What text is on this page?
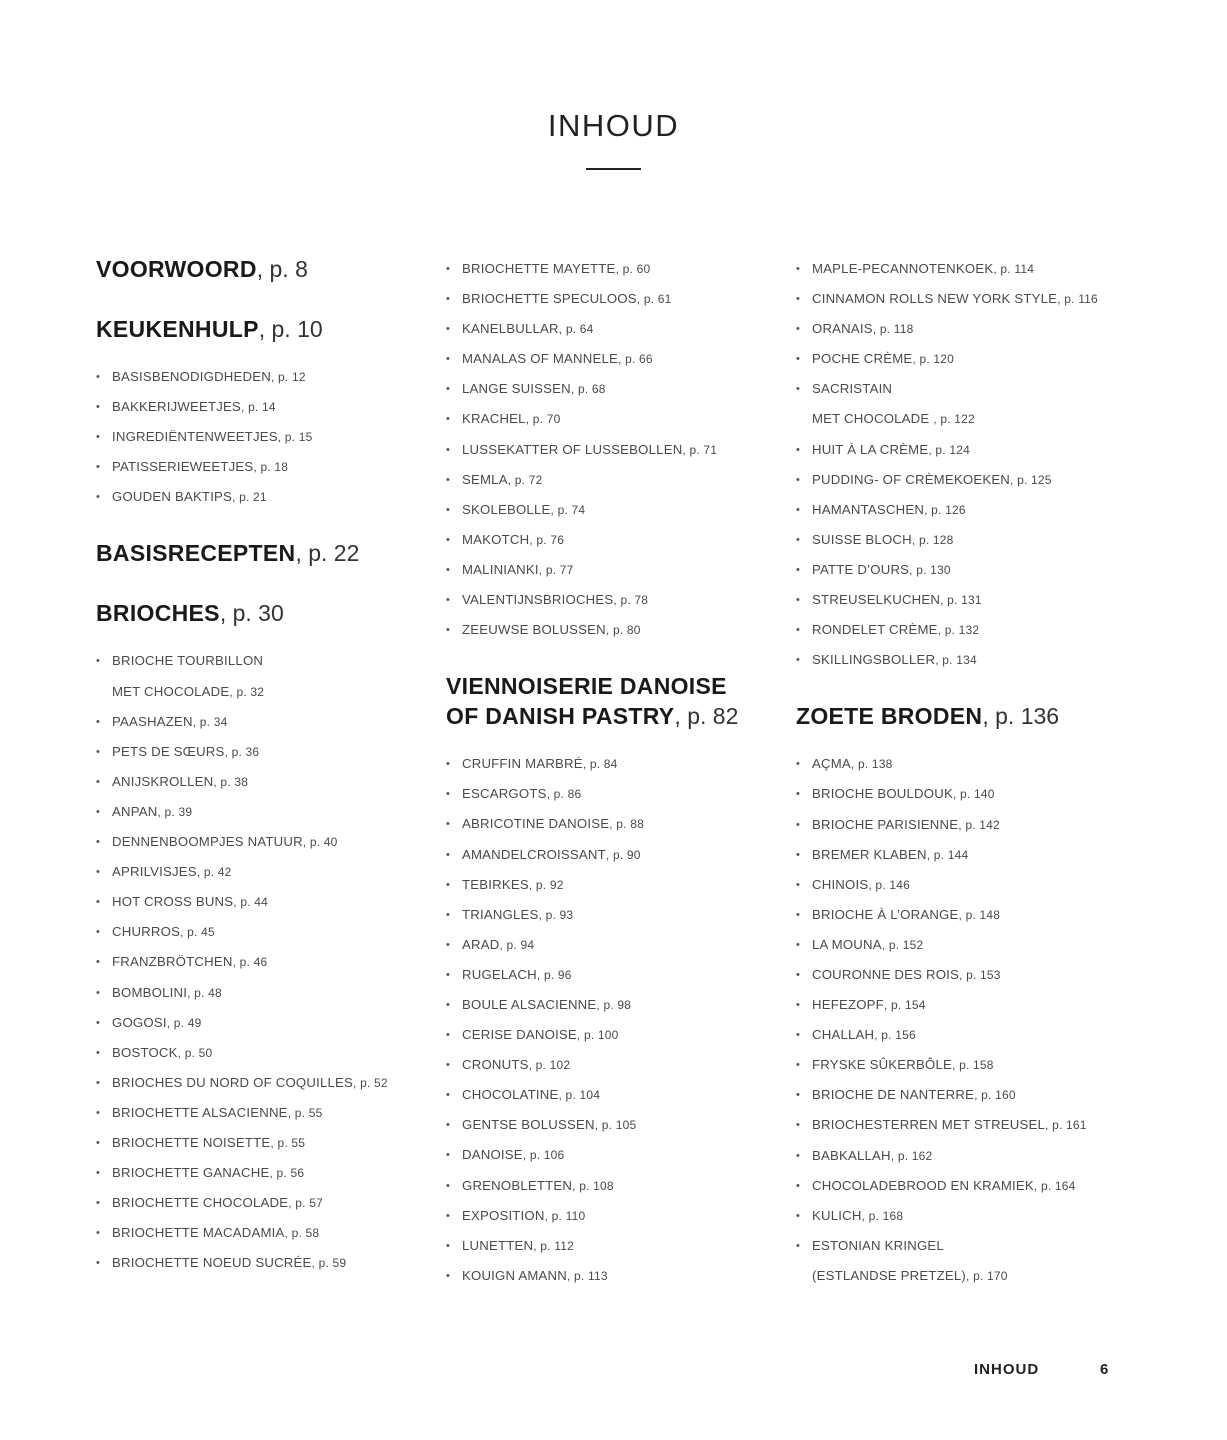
INHOUD
VOORWOORD, p. 8
KEUKENHULP, p. 10
• BASISBENODIGDHEDEN, p. 12
• BAKKERIJWEETJES, p. 14
• INGREDIËNTENWEETJES, p. 15
• PATISSERIEWEETJES, p. 18
• GOUDEN BAKTIPS, p. 21
BASISRECEPTEN, p. 22
BRIOCHES, p. 30
• BRIOCHE TOURBILLON
MET CHOCOLADE, p. 32
• PAASHAZEN, p. 34
• PETS DE SŒURS, p. 36
• ANIJSKROLLEN, p. 38
• ANPAN, p. 39
• DENNENBOOMPJES NATUUR, p. 40
• APRILVISJES, p. 42
• HOT CROSS BUNS, p. 44
• CHURROS, p. 45
• FRANZBRÖTCHEN, p. 46
• BOMBOLINI, p. 48
• GOGOSI, p. 49
• BOSTOCK, p. 50
• BRIOCHES DU NORD OF COQUILLES, p. 52
• BRIOCHETTE ALSACIENNE, p. 55
• BRIOCHETTE NOISETTE, p. 55
• BRIOCHETTE GANACHE, p. 56
• BRIOCHETTE CHOCOLADE, p. 57
• BRIOCHETTE MACADAMIA, p. 58
• BRIOCHETTE NOEUD SUCRÉE, p. 59
• BRIOCHETTE MAYETTE, p. 60
• BRIOCHETTE SPECULOOS, p. 61
• KANELBULLAR, p. 64
• MANALAS OF MANNELE, p. 66
• LANGE SUISSEN, p. 68
• KRACHEL, p. 70
• LUSSEKATTER OF LUSSEBOLLEN, p. 71
• SEMLA, p. 72
• SKOLEBOLLE, p. 74
• MAKOTCH, p. 76
• MALINIANKI, p. 77
• VALENTIJNSBRIOCHES, p. 78
• ZEEUWSE BOLUSSEN, p. 80
VIENNOISERIE DANOISE
OF DANISH PASTRY, p. 82
• CRUFFIN MARBRÉ, p. 84
• ESCARGOTS, p. 86
• ABRICOTINE DANOISE, p. 88
• AMANDELCROISSANT, p. 90
• TEBIRKES, p. 92
• TRIANGLES, p. 93
• ARAD, p. 94
• RUGELACH, p. 96
• BOULE ALSACIENNE, p. 98
• CERISE DANOISE, p. 100
• CRONUTS, p. 102
• CHOCOLATINE, p. 104
• GENTSE BOLUSSEN, p. 105
• DANOISE, p. 106
• GRENOBLETTEN, p. 108
• EXPOSITION, p. 110
• LUNETTEN, p. 112
• KOUIGN AMANN, p. 113
• MAPLE-PECANNOTENKOEK, p. 114
• CINNAMON ROLLS NEW YORK STYLE, p. 116
• ORANAIS, p. 118
• POCHE CRÈME, p. 120
• SACRISTAIN
MET CHOCOLADE , p. 122
• HUIT À LA CRÈME, p. 124
• PUDDING- OF CRÈMEKOEKEN, p. 125
• HAMANTASCHEN, p. 126
• SUISSE BLOCH, p. 128
• PATTE D’OURS, p. 130
• STREUSELKUCHEN, p. 131
• RONDELET CRÈME, p. 132
• SKILLINGSBOLLER, p. 134
ZOETE BRODEN, p. 136
• AÇMA, p. 138
• BRIOCHE BOULDOUK, p. 140
• BRIOCHE PARISIENNE, p. 142
• BREMER KLABEN, p. 144
• CHINOIS, p. 146
• BRIOCHE À L’ORANGE, p. 148
• LA MOUNA, p. 152
• COURONNE DES ROIS, p. 153
• HEFEZOPF, p. 154
• CHALLAH, p. 156
• FRYSKE SÛKERBÔLE, p. 158
• BRIOCHE DE NANTERRE, p. 160
• BRIOCHESTERREN MET STREUSEL, p. 161
• BABKALLAH, p. 162
• CHOCOLADEBROOD EN KRAMIEK, p. 164
• KULICH, p. 168
• ESTONIAN KRINGEL
(ESTLANDSE PRETZEL), p. 170
INHOUD	6
